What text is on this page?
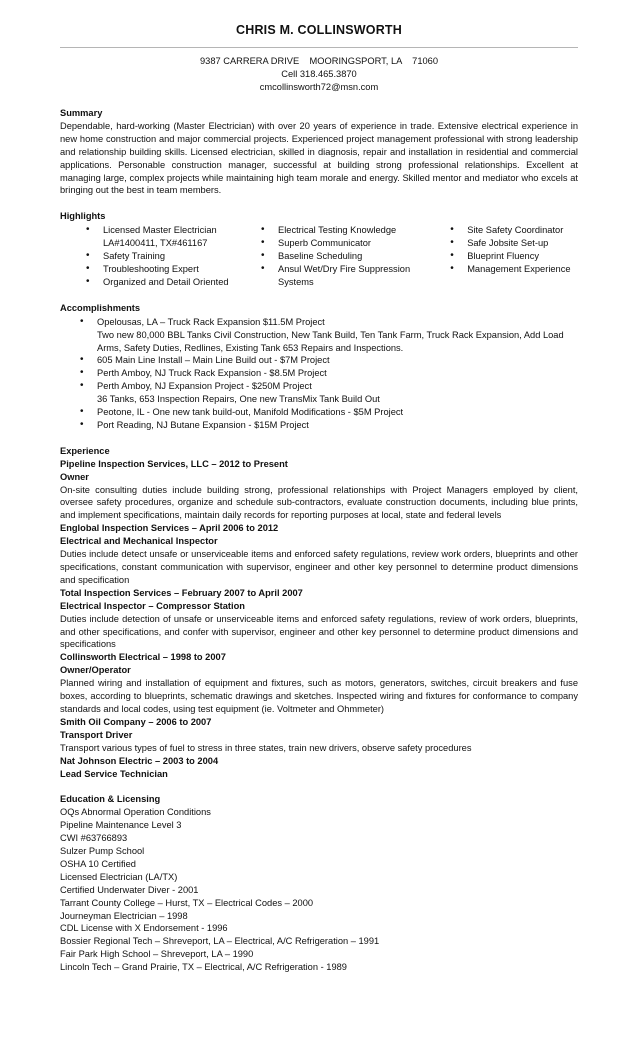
CHRIS M. COLLINSWORTH
9387 CARRERA DRIVE    MOORINGSPORT, LA    71060
Cell 318.465.3870
cmcollinsworth72@msn.com
Summary
Dependable, hard-working (Master Electrician) with over 20 years of experience in trade. Extensive electrical experience in new home construction and major commercial projects. Experienced project management professional with strong leadership and relationship building skills. Licensed electrician, skilled in diagnosis, repair and installation in residential and commercial applications. Personable construction manager, successful at building strong professional relationships. Excellent at managing large, complex projects while maintaining high team morale and energy. Skilled mentor and mediator who excels at bringing out the best in team members.
Highlights
• Licensed Master Electrician LA#1400411, TX#461167
• Safety Training
• Troubleshooting Expert
• Organized and Detail Oriented
• Electrical Testing Knowledge
• Superb Communicator
• Baseline Scheduling
• Ansul Wet/Dry Fire Suppression Systems
• Site Safety Coordinator
• Safe Jobsite Set-up
• Blueprint Fluency
• Management Experience
Accomplishments
• Opelousas, LA – Truck Rack Expansion $11.5M Project
Two new 80,000 BBL Tanks Civil Construction, New Tank Build, Ten Tank Farm, Truck Rack Expansion, Add Load Arms, Safety Duties, Redlines, Existing Tank 653 Repairs and Inspections.
• 605 Main Line Install – Main Line Build out - $7M Project
• Perth Amboy, NJ Truck Rack Expansion - $8.5M Project
• Perth Amboy, NJ Expansion Project - $250M Project
36 Tanks, 653 Inspection Repairs, One new TransMix Tank Build Out
• Peotone, IL - One new tank build-out, Manifold Modifications - $5M Project
• Port Reading, NJ Butane Expansion - $15M Project
Experience
Pipeline Inspection Services, LLC – 2012 to Present
Owner
On-site consulting duties include building strong, professional relationships with Project Managers employed by client, oversee safety procedures, organize and schedule sub-contractors, evaluate construction documents, including blue prints, and implement specifications, maintain daily records for reporting purposes at local, state and federal levels
Englobal Inspection Services – April 2006 to 2012
Electrical and Mechanical Inspector
Duties include detect unsafe or unserviceable items and enforced safety regulations, review work orders, blueprints and other specifications, constant communication with supervisor, engineer and other key personnel to determine product dimensions and specification
Total Inspection Services – February 2007 to April 2007
Electrical Inspector – Compressor Station
Duties include detection of unsafe or unserviceable items and enforced safety regulations, review of work orders, blueprints, and other specifications, and confer with supervisor, engineer and other key personnel to determine product dimensions and specifications
Collinsworth Electrical – 1998 to 2007
Owner/Operator
Planned wiring and installation of equipment and fixtures, such as motors, generators, switches, circuit breakers and fuse boxes, according to blueprints, schematic drawings and sketches. Inspected wiring and fixtures for conformance to company standards and local codes, using test equipment (ie. Voltmeter and Ohmmeter)
Smith Oil Company – 2006 to 2007
Transport Driver
Transport various types of fuel to stress in three states, train new drivers, observe safety procedures
Nat Johnson Electric – 2003 to 2004
Lead Service Technician
Education & Licensing
OQs Abnormal Operation Conditions
Pipeline Maintenance Level 3
CWI #63766893
Sulzer Pump School
OSHA 10 Certified
Licensed Electrician (LA/TX)
Certified Underwater Diver - 2001
Tarrant County College – Hurst, TX – Electrical Codes – 2000
Journeyman Electrician – 1998
CDL License with X Endorsement - 1996
Bossier Regional Tech – Shreveport, LA – Electrical, A/C Refrigeration – 1991
Fair Park High School – Shreveport, LA – 1990
Lincoln Tech – Grand Prairie, TX – Electrical, A/C Refrigeration - 1989
